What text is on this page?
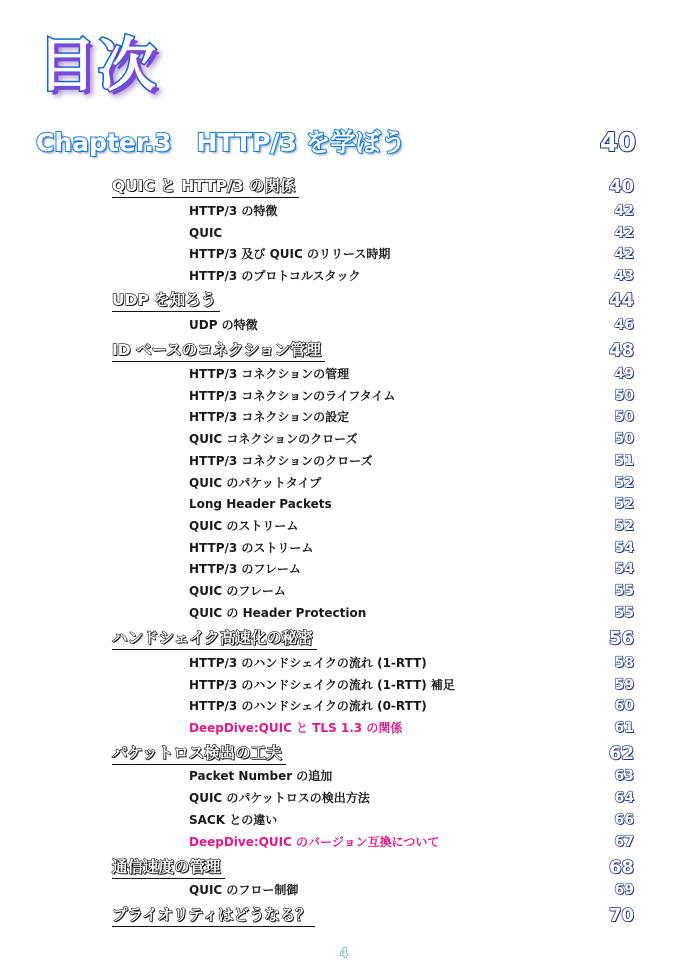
目次
Chapter.3　HTTP/3 を学ぼう	40
QUIC と HTTP/3 の関係	40
HTTP/3 の特徴	42
QUIC	42
HTTP/3 及び QUIC のリリース時期	42
HTTP/3 のプロトコルスタック	43
UDP を知ろう	44
UDP の特徴	46
ID ベースのコネクション管理	48
HTTP/3 コネクションの管理	49
HTTP/3 コネクションのライフタイム	50
HTTP/3 コネクションの設定	50
QUIC コネクションのクローズ	50
HTTP/3 コネクションのクローズ	51
QUIC のパケットタイプ	52
Long Header Packets	52
QUIC のストリーム	52
HTTP/3 のストリーム	54
HTTP/3 のフレーム	54
QUIC のフレーム	55
QUIC の Header Protection	55
ハンドシェイク高速化の秘密	56
HTTP/3 のハンドシェイクの流れ (1-RTT)	58
HTTP/3 のハンドシェイクの流れ (1-RTT) 補足	59
HTTP/3 のハンドシェイクの流れ (0-RTT)	60
DeepDive:QUIC と TLS 1.3 の関係	61
パケットロス検出の工夫	62
Packet Number の追加	63
QUIC のパケットロスの検出方法	64
SACK との違い	66
DeepDive:QUIC のバージョン互換について	67
通信速度の管理	68
QUIC のフロー制御	69
プライオリティはどうなる？	70
4
